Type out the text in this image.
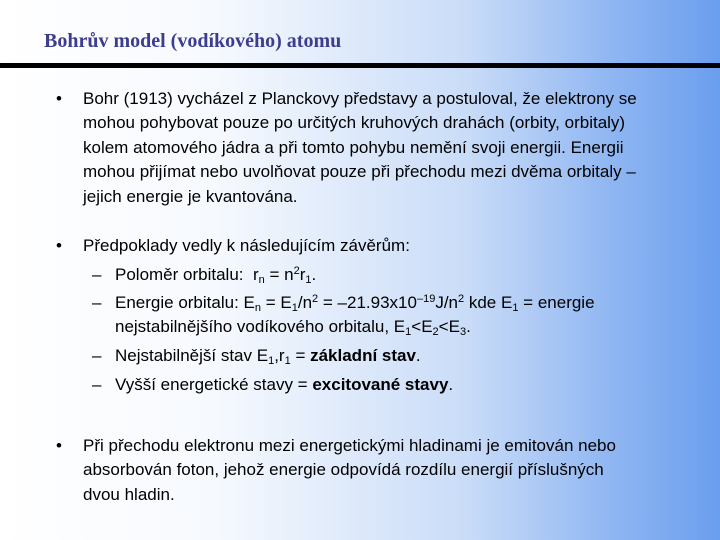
Bohrův model (vodíkového) atomu
• Bohr (1913) vycházel z Planckovy představy a postuloval, že elektrony se mohou pohybovat pouze po určitých kruhových drahách (orbity, orbitaly) kolem atomového jádra a při tomto pohybu nemění svoji energii. Energii mohou přijímat nebo uvolňovat pouze při přechodu mezi dvěma orbitaly – jejich energie je kvantována.

• Předpoklady vedly k následujícím závěrům:

– Poloměr orbitalu: $r_n = n^2r_1$.

– Energie orbitalu: $E_n = E_1/n^2 = -21.93x10^{-19}J/n^2$ kde $E_1$ = energie nejstabilnějšího vodíkového orbitalu, $E_1<E_2<E_3$.

– Nejstabilnější stav $E_1,r_1$ = základní stav.

– Vyšší energetické stavy = excitované stavy.

• Při přechodu elektronu mezi energetickými hladinami je emitován nebo absorbován foton, jehož energie odpovídá rozdílu energií příslušných dvou hladin.
